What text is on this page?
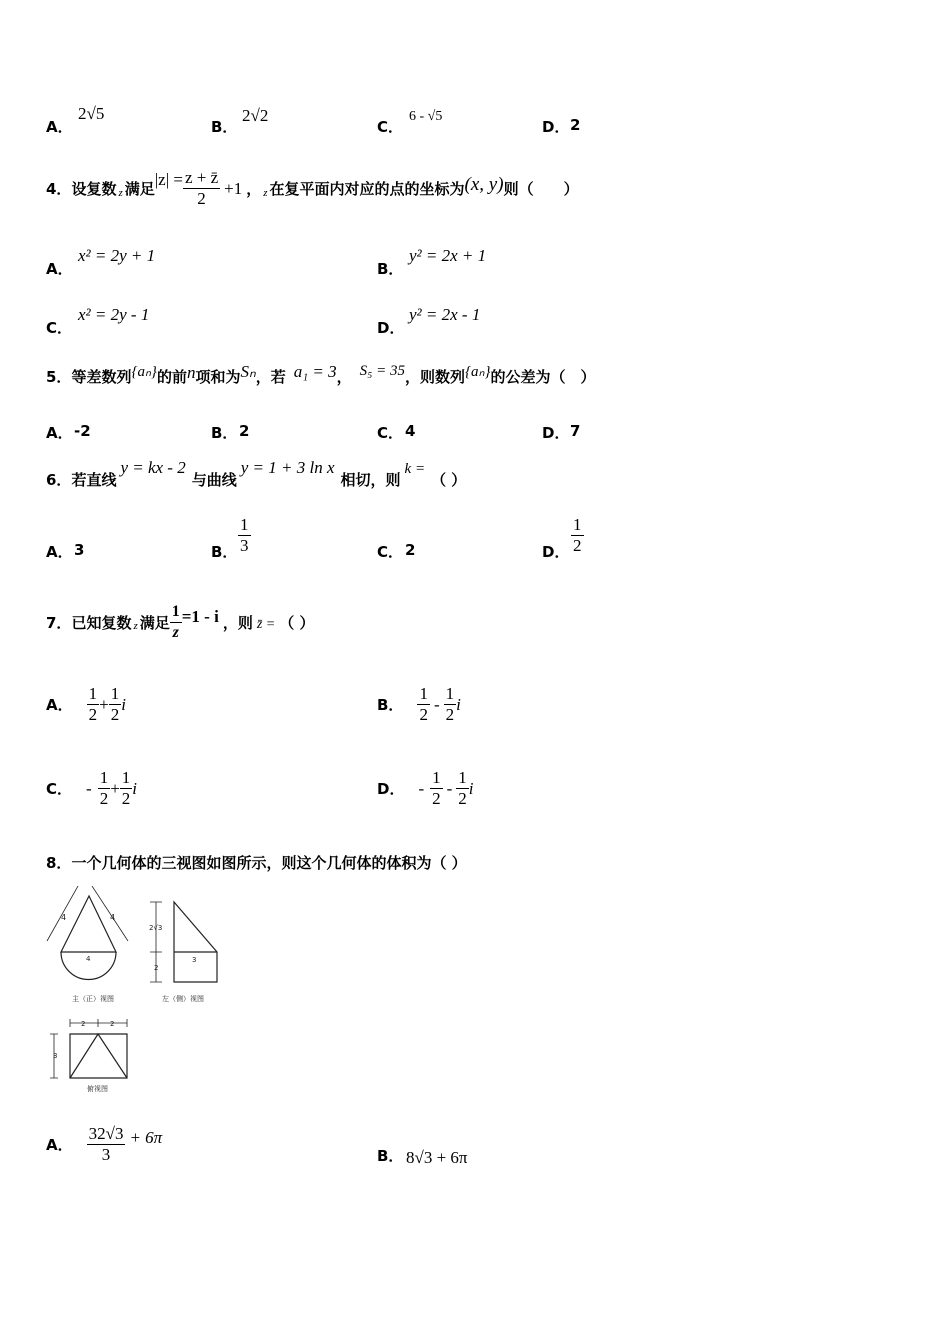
A．
2√5
B．
2√2
C．
6 - √5
D． 2
4． 设复数 z 满足
$|z| = \frac{z + z̄}{2} +1$ ， z 在复平面内对应的点的坐标为 (x, y) 则（　　）
A．
x² = 2y + 1
B．
y² = 2x + 1
C．
x² = 2y - 1
D．
y² = 2x - 1
5． 等差数列 {aₙ} 的前 n 项和为 Sₙ ，若 a₁ = 3 ， S₅ = 35 ，则数列 {aₙ} 的公差为（　）
A． -2	B． 2	C． 4	D． 7
6． 若直线
y = kx - 2
与曲线
y = 1 + 3 ln x
相切，则
k =
（ ）
A． 3	B． $\frac{1}{3}$	C． 2	D． $\frac{1}{2}$
7． 已知复数 z 满足 $\frac{1}{z} =1 - i$ ，则 z̄ = （ ）
A． $\frac{1}{2} + \frac{1}{2}$ i	B． $\frac{1}{2} - \frac{1}{2}$ i
C． - $\frac{1}{2} + \frac{1}{2}$ i	D． - $\frac{1}{2} - \frac{1}{2}$ i
8．一个几何体的三视图如图所示，则这个几何体的体积为（ ）
4	4
4
主（正）视图
2√3
2
3
左（侧）视图
2	2
3
俯视图
A． $\frac{32√3}{3} + 6\pi$
B． 8√3 + 6π
